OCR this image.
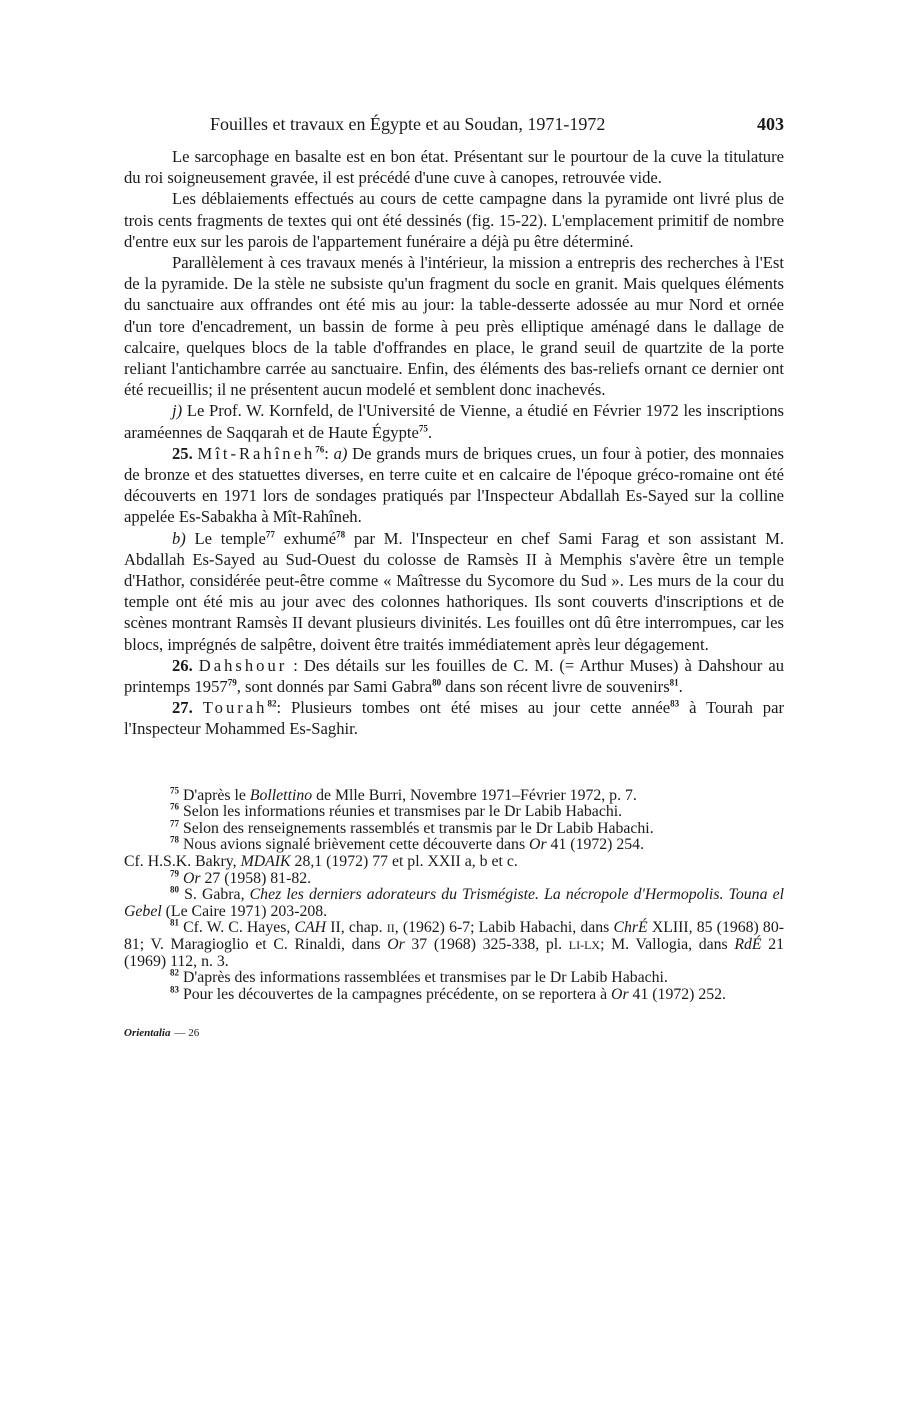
Fouilles et travaux en Égypte et au Soudan, 1971-1972	403

Le sarcophage en basalte est en bon état. Présentant sur le pourtour de la cuve la titulature du roi soigneusement gravée, il est précédé d'une cuve à canopes, retrouvée vide.

Les déblaiements effectués au cours de cette campagne dans la pyramide ont livré plus de trois cents fragments de textes qui ont été dessinés (fig. 15-22). L'emplacement primitif de nombre d'entre eux sur les parois de l'appartement funéraire a déjà pu être déterminé.

Parallèlement à ces travaux menés à l'intérieur, la mission a entrepris des recherches à l'Est de la pyramide. De la stèle ne subsiste qu'un fragment du socle en granit. Mais quelques éléments du sanctuaire aux offrandes ont été mis au jour: la table-desserte adossée au mur Nord et ornée d'un tore d'encadrement, un bassin de forme à peu près elliptique aménagé dans le dallage de calcaire, quelques blocs de la table d'offrandes en place, le grand seuil de quartzite de la porte reliant l'antichambre carrée au sanctuaire. Enfin, des éléments des bas-reliefs ornant ce dernier ont été recueillis; il ne présentent aucun modelé et semblent donc inachevés.

j) Le Prof. W. Kornfeld, de l'Université de Vienne, a étudié en Février 1972 les inscriptions araméennes de Saqqarah et de Haute Égypte$^{75}$.

25. Mît-Rahîneh$^{76}$: a) De grands murs de briques crues, un four à potier, des monnaies de bronze et des statuettes diverses, en terre cuite et en calcaire de l'époque gréco-romaine ont été découverts en 1971 lors de sondages pratiqués par l'Inspecteur Abdallah Es-Sayed sur la colline appelée Es-Sabakha à Mît-Rahîneh.

b) Le temple$^{77}$ exhumé$^{78}$ par M. l'Inspecteur en chef Sami Farag et son assistant M. Abdallah Es-Sayed au Sud-Ouest du colosse de Ramsès II à Memphis s'avère être un temple d'Hathor, considérée peut-être comme « Maîtresse du Sycomore du Sud ». Les murs de la cour du temple ont été mis au jour avec des colonnes hathoriques. Ils sont couverts d'inscriptions et de scènes montrant Ramsès II devant plusieurs divinités. Les fouilles ont dû être interrompues, car les blocs, imprégnés de salpêtre, doivent être traités immédiatement après leur dégagement.

26. Dahshour : Des détails sur les fouilles de C. M. (= Arthur Muses) à Dahshour au printemps 1957$^{79}$, sont donnés par Sami Gabra$^{80}$ dans son récent livre de souvenirs$^{81}$.

27. Tourah$^{82}$: Plusieurs tombes ont été mises au jour cette année$^{83}$ à Tourah par l'Inspecteur Mohammed Es-Saghir.

$^{75}$ D'après le Bollettino de Mlle Burri, Novembre 1971–Février 1972, p. 7.

$^{76}$ Selon les informations réunies et transmises par le Dr Labib Habachi.

$^{77}$ Selon des renseignements rassemblés et transmis par le Dr Labib Habachi.

$^{78}$ Nous avions signalé brièvement cette découverte dans Or 41 (1972) 254.

Cf. H.S.K. Bakry, MDAIK 28,1 (1972) 77 et pl. XXII a, b et c.

$^{79}$ Or 27 (1958) 81-82.

$^{80}$ S. Gabra, Chez les derniers adorateurs du Trismégiste. La nécropole d'Hermopolis. Touna el Gebel (Le Caire 1971) 203-208.

$^{81}$ Cf. W. C. Hayes, CAH II, chap. II, (1962) 6-7; Labib Habachi, dans ChrÉ XLIII, 85 (1968) 80-81; V. Maragioglio et C. Rinaldi, dans Or 37 (1968) 325-338, pl. LI-LX; M. Vallogia, dans RdÉ 21 (1969) 112, n. 3.

$^{82}$ D'après des informations rassemblées et transmises par le Dr Labib Habachi.

$^{83}$ Pour les découvertes de la campagnes précédente, on se reportera à Or 41 (1972) 252.

Orientalia — 26
